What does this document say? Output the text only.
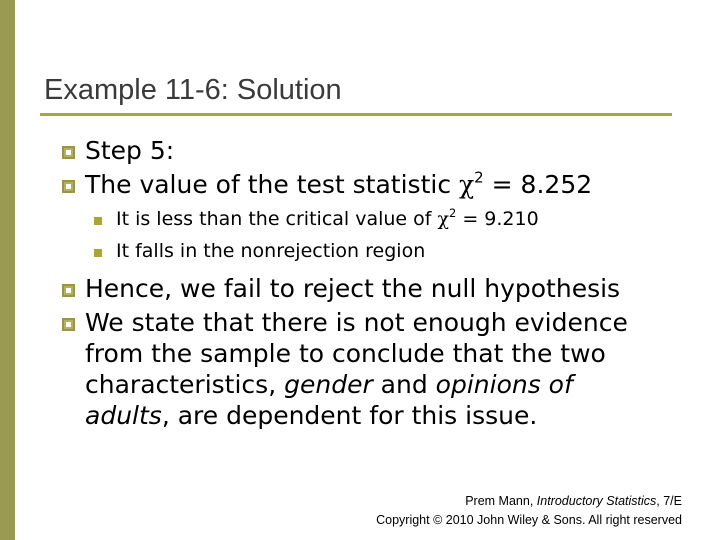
Example 11-6: Solution
Step 5:
The value of the test statistic $\chi^2 = 8.252$
It is less than the critical value of $\chi^2 = 9.210$
It falls in the nonrejection region
Hence, we fail to reject the null hypothesis
We state that there is not enough evidence
from the sample to conclude that the two
characteristics, gender and opinions of
adults, are dependent for this issue.
Prem Mann, Introductory Statistics, 7/E
Copyright © 2010 John Wiley & Sons. All right reserved
